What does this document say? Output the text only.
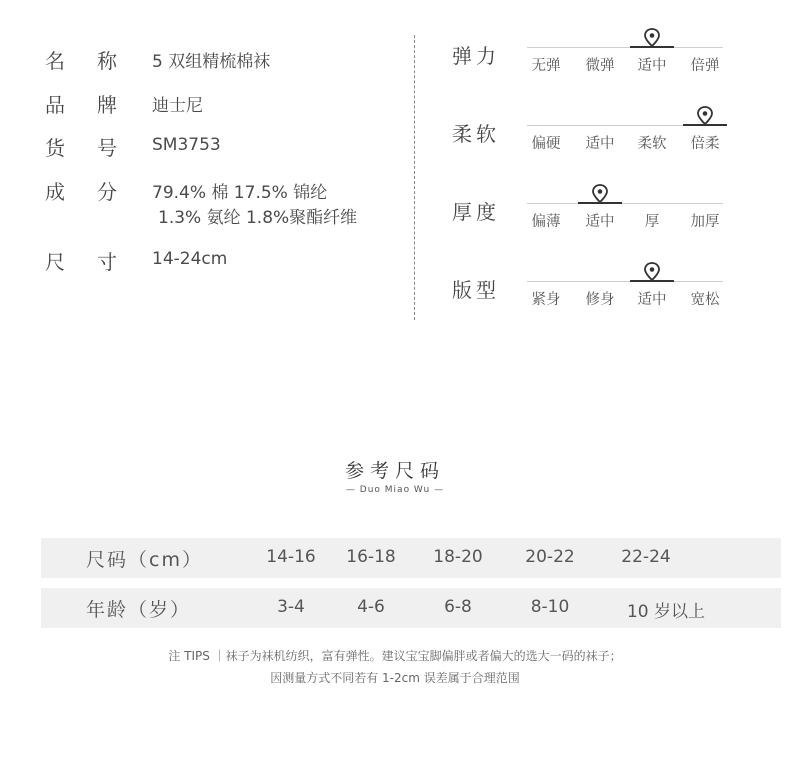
名 称 5 双组精梳棉袜
品 牌 迪士尼
货 号 SM3753
成 分 79.4% 棉 17.5% 锦纶
1.3% 氨纶 1.8%聚酯纤维
尺 寸 14-24cm
弹力	无弹	微弹	适中	倍弹
柔软	偏硬	适中	柔软	倍柔
厚度	偏薄	适中	厚	加厚
版型	紧身	修身	适中	宽松
参考尺码
— Duo Miao Wu —
尺码（cm）	14-16	16-18	18-20	20-22	22-24
年龄（岁）	3-4	4-6	6-8	8-10	10 岁以上
注 TIPS ｜袜子为袜机纺织，富有弹性。建议宝宝脚偏胖或者偏大的选大一码的袜子；
因测量方式不同若有 1-2cm 误差属于合理范围
